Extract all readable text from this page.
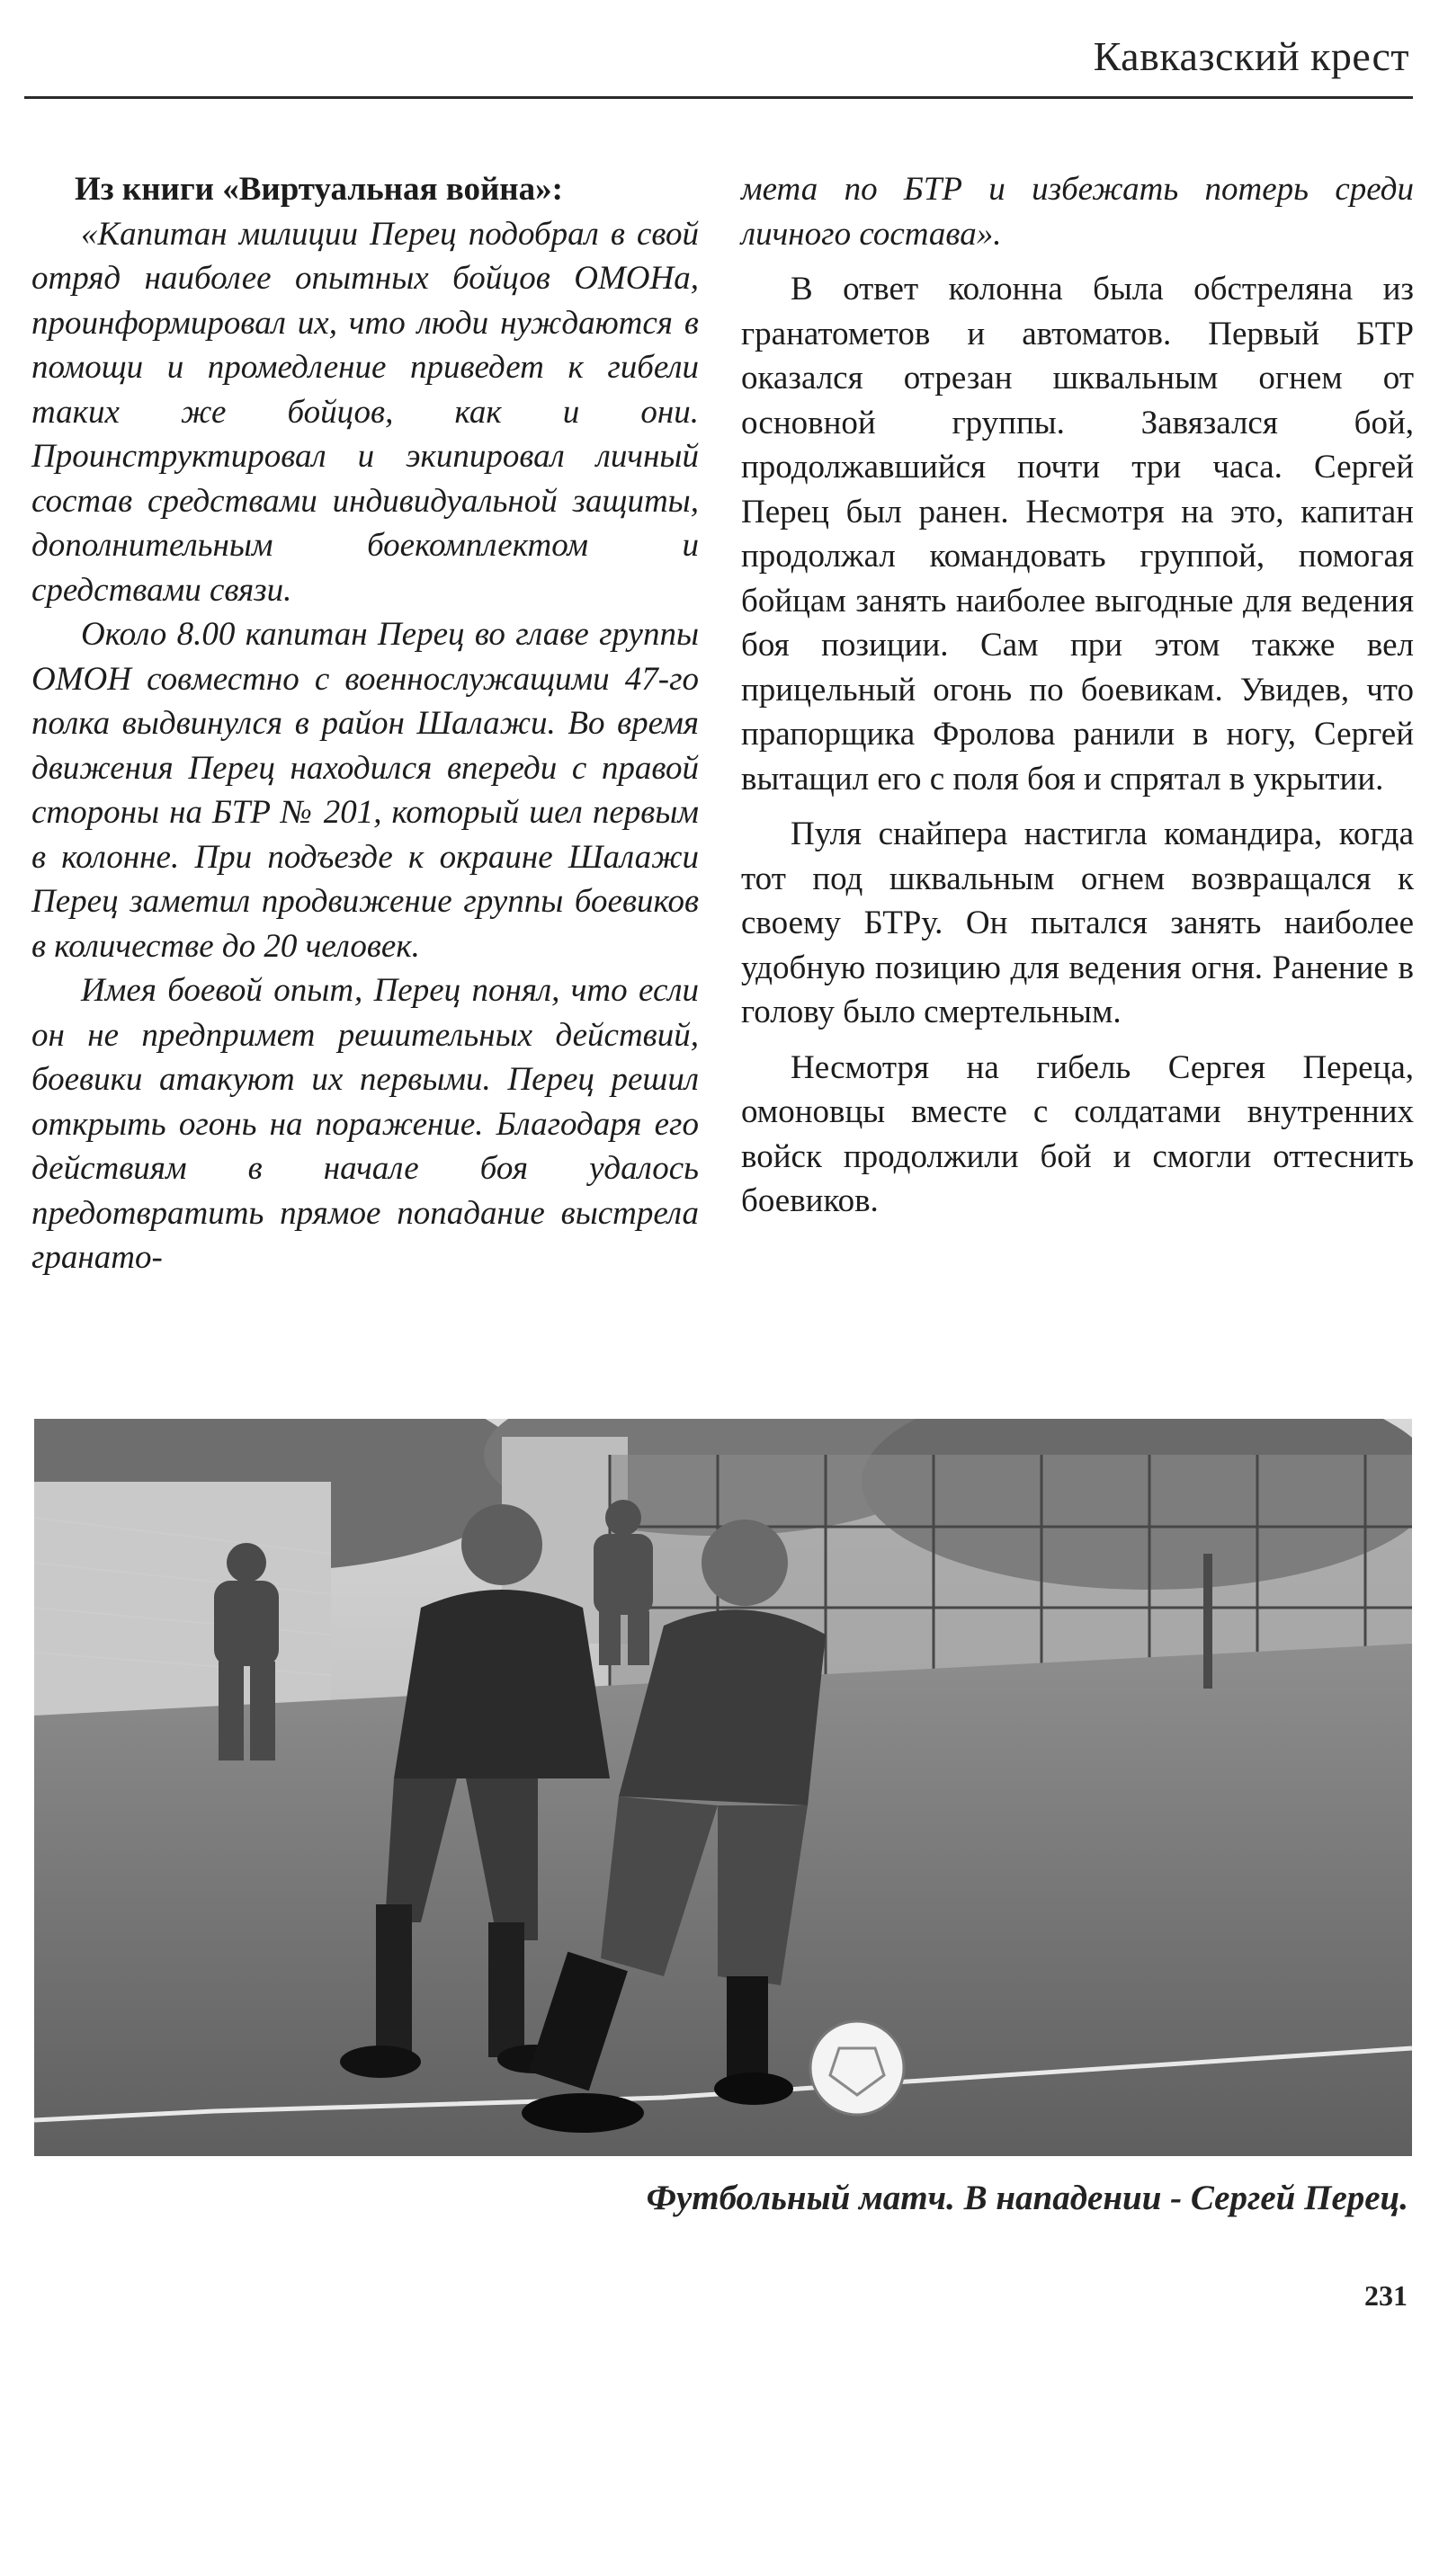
Кавказский крест

Из книги «Виртуальная война»:

«Капитан милиции Перец подобрал в свой отряд наиболее опытных бойцов ОМОНа, проинформировал их, что люди нуждаются в помощи и промедление приведет к гибели таких же бойцов, как и они. Проинструктировал и экипировал личный состав средствами индивидуальной защиты, дополнительным боекомплектом и средствами связи.

Около 8.00 капитан Перец во главе группы ОМОН совместно с военнослужащими 47-го полка выдвинулся в район Шалажи. Во время движения Перец находился впереди с правой стороны на БТР № 201, который шел первым в колонне. При подъезде к окраине Шалажи Перец заметил продвижение группы боевиков в количестве до 20 человек.

Имея боевой опыт, Перец понял, что если он не предпримет решительных действий, боевики атакуют их первыми. Перец решил открыть огонь на поражение. Благодаря его действиям в начале боя удалось предотвратить прямое попадание выстрела гранато-

мета по БТР и избежать потерь среди личного состава».

В ответ колонна была обстреляна из гранатометов и автоматов. Первый БТР оказался отрезан шквальным огнем от основной группы. Завязался бой, продолжавшийся почти три часа. Сергей Перец был ранен. Несмотря на это, капитан продолжал командовать группой, помогая бойцам занять наиболее выгодные для ведения боя позиции. Сам при этом также вел прицельный огонь по боевикам. Увидев, что прапорщика Фролова ранили в ногу, Сергей вытащил его с поля боя и спрятал в укрытии.

Пуля снайпера настигла командира, когда тот под шквальным огнем возвращался к своему БТРу. Он пытался занять наиболее удобную позицию для ведения огня. Ранение в голову было смертельным.

Несмотря на гибель Сергея Переца, омоновцы вместе с солдатами внутренних войск продолжили бой и смогли оттеснить боевиков.

Футбольный матч. В нападении - Сергей Перец.
231
